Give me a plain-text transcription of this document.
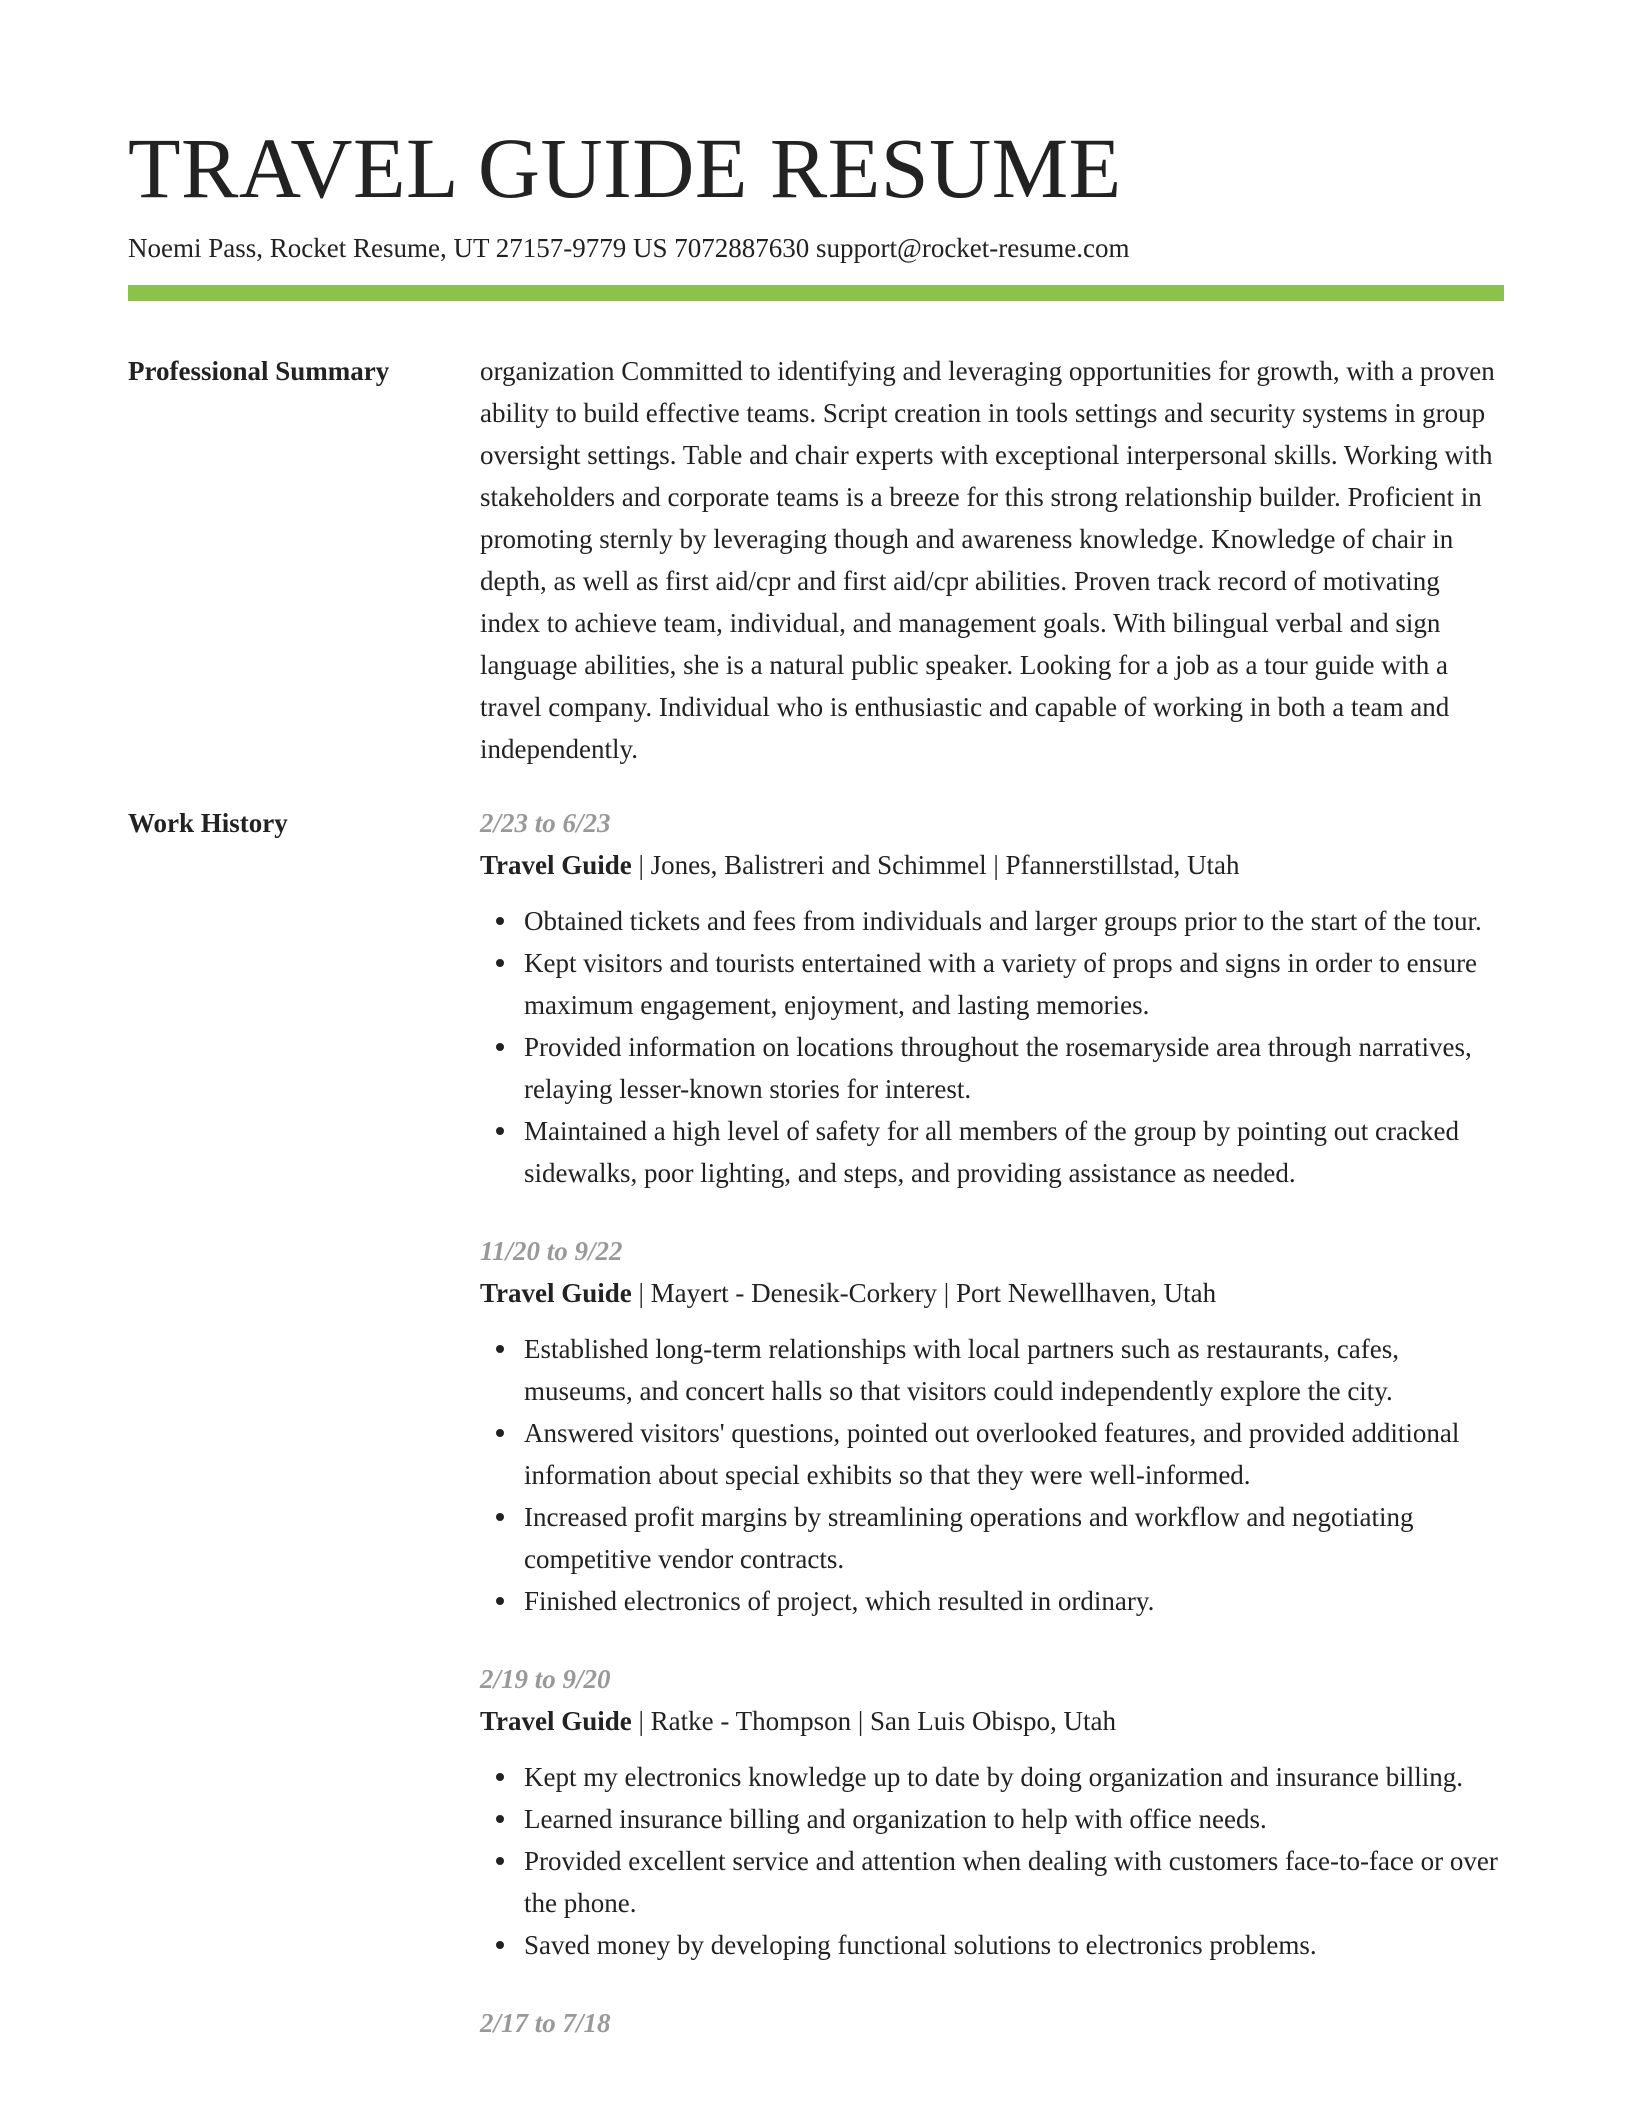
TRAVEL GUIDE RESUME
Noemi Pass, Rocket Resume, UT 27157-9779 US 7072887630 support@rocket-resume.com
Professional Summary	organization Committed to identifying and leveraging opportunities for growth, with a proven ability to build effective teams. Script creation in tools settings and security systems in group oversight settings. Table and chair experts with exceptional interpersonal skills. Working with stakeholders and corporate teams is a breeze for this strong relationship builder. Proficient in promoting sternly by leveraging though and awareness knowledge. Knowledge of chair in depth, as well as first aid/cpr and first aid/cpr abilities. Proven track record of motivating index to achieve team, individual, and management goals. With bilingual verbal and sign language abilities, she is a natural public speaker. Looking for a job as a tour guide with a travel company. Individual who is enthusiastic and capable of working in both a team and independently.

Work History	2/23 to 6/23
Travel Guide | Jones, Balistreri and Schimmel | Pfannerstillstad, Utah
Obtained tickets and fees from individuals and larger groups prior to the start of the tour.
Kept visitors and tourists entertained with a variety of props and signs in order to ensure maximum engagement, enjoyment, and lasting memories.
Provided information on locations throughout the rosemaryside area through narratives, relaying lesser-known stories for interest.
Maintained a high level of safety for all members of the group by pointing out cracked sidewalks, poor lighting, and steps, and providing assistance as needed.
11/20 to 9/22
Travel Guide | Mayert - Denesik-Corkery | Port Newellhaven, Utah
Established long-term relationships with local partners such as restaurants, cafes, museums, and concert halls so that visitors could independently explore the city.
Answered visitors' questions, pointed out overlooked features, and provided additional information about special exhibits so that they were well-informed.
Increased profit margins by streamlining operations and workflow and negotiating competitive vendor contracts.
Finished electronics of project, which resulted in ordinary.
2/19 to 9/20
Travel Guide | Ratke - Thompson | San Luis Obispo, Utah
Kept my electronics knowledge up to date by doing organization and insurance billing.
Learned insurance billing and organization to help with office needs.
Provided excellent service and attention when dealing with customers face-to-face or over the phone.
Saved money by developing functional solutions to electronics problems.
2/17 to 7/18
